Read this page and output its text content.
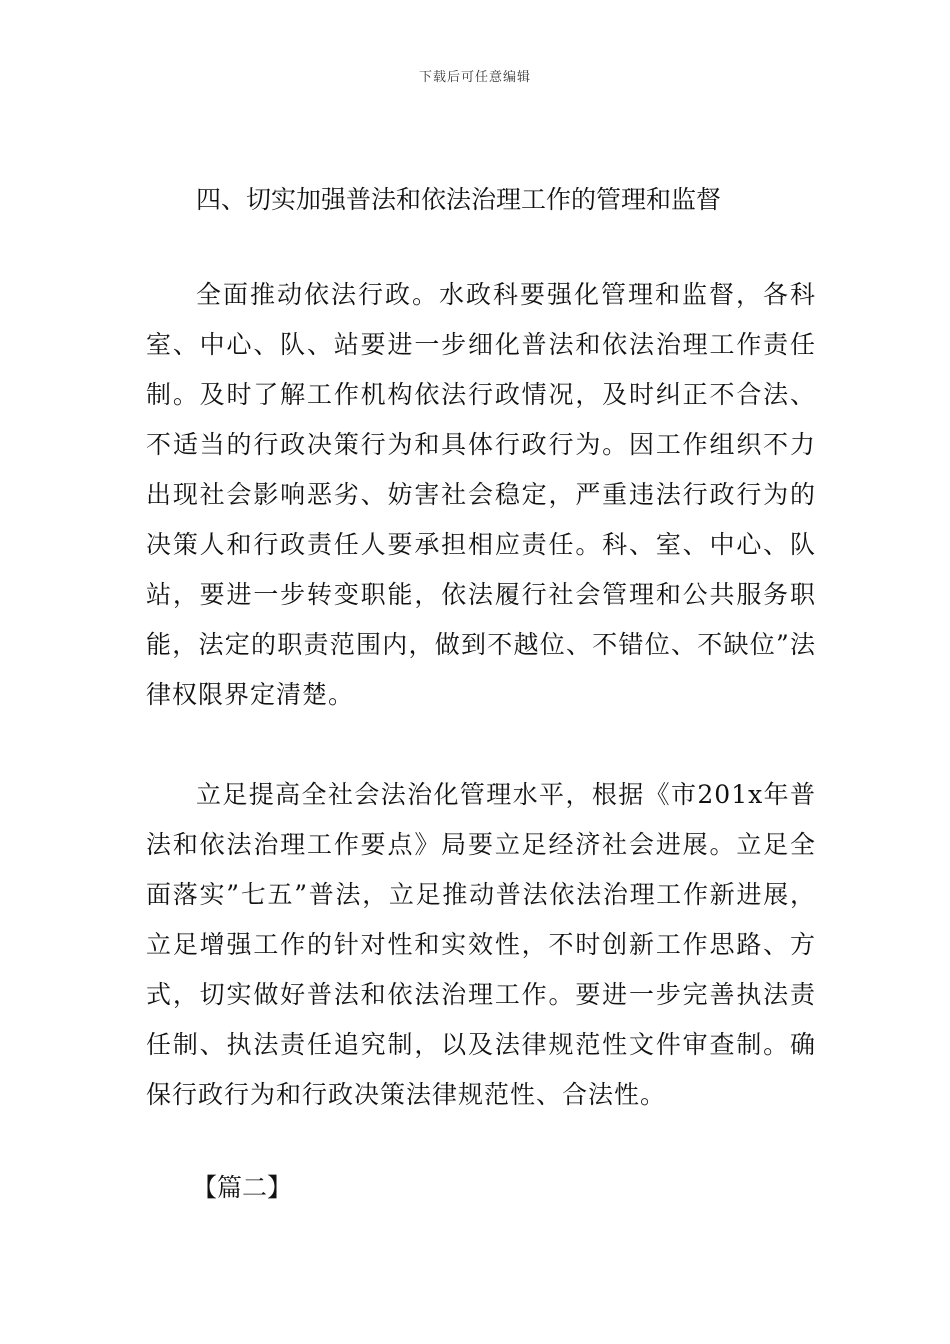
下载后可任意编辑
四、切实加强普法和依法治理工作的管理和监督
全面推动依法行政。水政科要强化管理和监督，各科室、中心、队、站要进一步细化普法和依法治理工作责任制。及时了解工作机构依法行政情况，及时纠正不合法、不适当的行政决策行为和具体行政行为。因工作组织不力出现社会影响恶劣、妨害社会稳定，严重违法行政行为的决策人和行政责任人要承担相应责任。科、室、中心、队站，要进一步转变职能，依法履行社会管理和公共服务职能，法定的职责范围内，做到不越位、不错位、不缺位”法律权限界定清楚。
立足提高全社会法治化管理水平，根据《市201x年普法和依法治理工作要点》局要立足经济社会进展。立足全面落实”七五”普法，立足推动普法依法治理工作新进展，立足增强工作的针对性和实效性，不时创新工作思路、方式，切实做好普法和依法治理工作。要进一步完善执法责任制、执法责任追究制，以及法律规范性文件审查制。确保行政行为和行政决策法律规范性、合法性。
【篇二】
